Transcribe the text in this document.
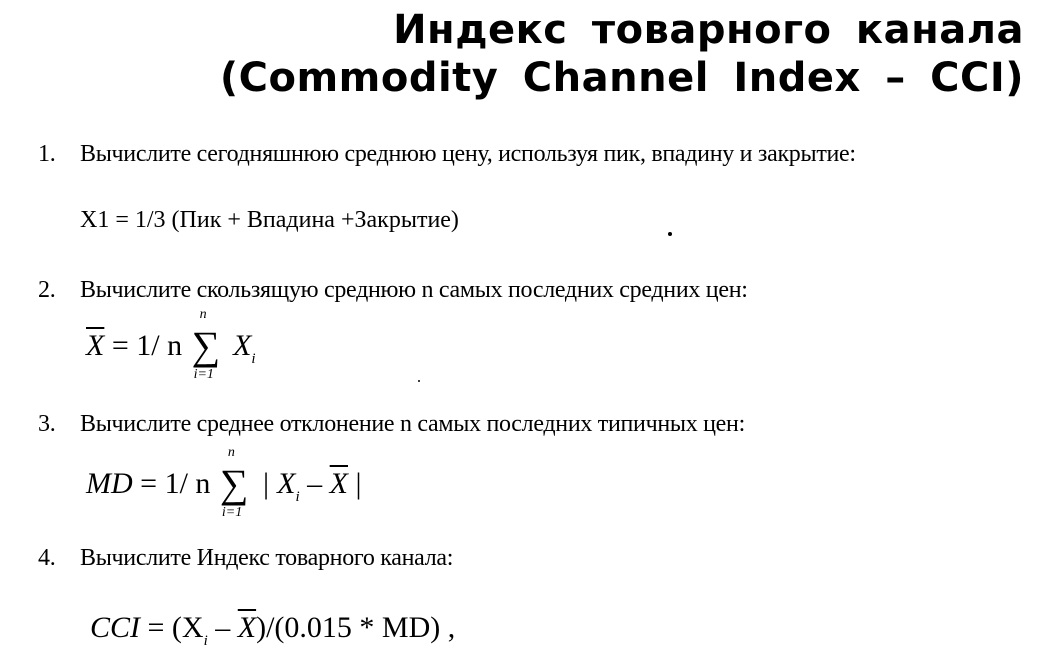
Индекс товарного канала
(Commodity Channel Index – CCI)
1. Вычислите сегодняшнюю среднюю цену, используя пик, впадину и закрытие:
X1 = 1/3 (Пик + Впадина +Закрытие)
2. Вычислите скользящую среднюю n самых последних средних цен:
$\overline{X} = 1/$ n
n
∑
i=1
$X_i$
3. Вычислите среднее отклонение n самых последних типичных цен:
MD = 1/ n
n
∑
i=1
| $X_i - \overline{X}$ |
4. Вычислите Индекс товарного канала:
CCI = $(X_i - \overline{X})/(0.015 * MD)$ ,
